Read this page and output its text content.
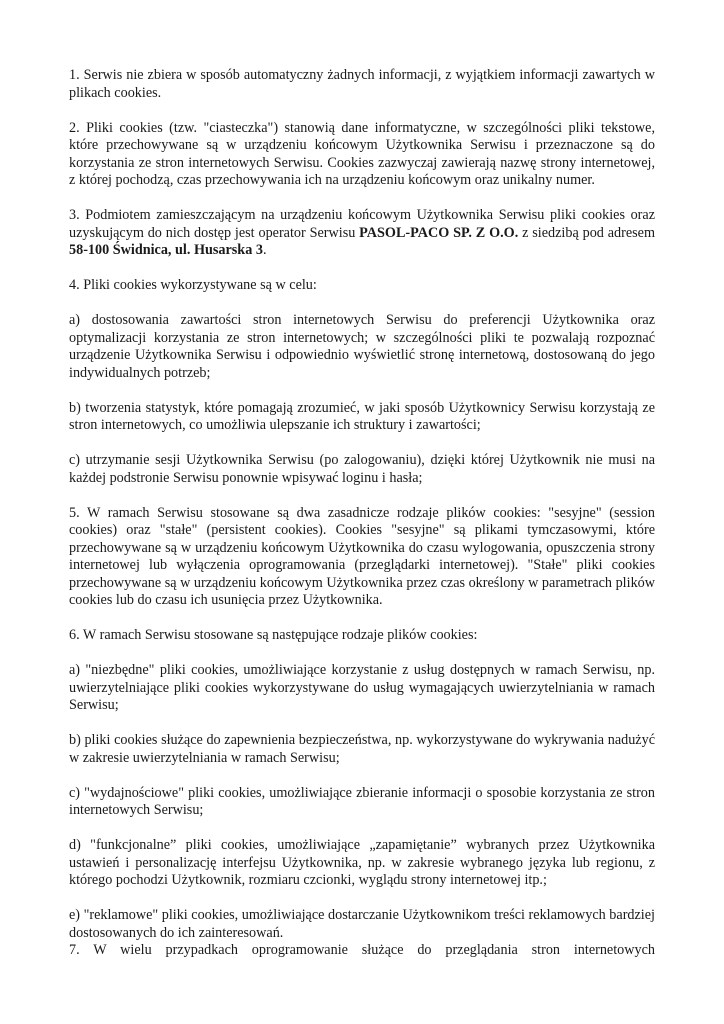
1. Serwis nie zbiera w sposób automatyczny żadnych informacji, z wyjątkiem informacji zawartych w plikach cookies.

2. Pliki cookies (tzw. "ciasteczka") stanowią dane informatyczne, w szczególności pliki tekstowe, które przechowywane są w urządzeniu końcowym Użytkownika Serwisu i przeznaczone są do korzystania ze stron internetowych Serwisu. Cookies zazwyczaj zawierają nazwę strony internetowej, z której pochodzą, czas przechowywania ich na urządzeniu końcowym oraz unikalny numer.

3. Podmiotem zamieszczającym na urządzeniu końcowym Użytkownika Serwisu pliki cookies oraz uzyskującym do nich dostęp jest operator Serwisu PASOL-PACO SP. Z O.O. z siedzibą pod adresem 58-100 Świdnica, ul. Husarska 3.

4. Pliki cookies wykorzystywane są w celu:

a) dostosowania zawartości stron internetowych Serwisu do preferencji Użytkownika oraz optymalizacji korzystania ze stron internetowych; w szczególności pliki te pozwalają rozpoznać urządzenie Użytkownika Serwisu i odpowiednio wyświetlić stronę internetową, dostosowaną do jego indywidualnych potrzeb;

b) tworzenia statystyk, które pomagają zrozumieć, w jaki sposób Użytkownicy Serwisu korzystają ze stron internetowych, co umożliwia ulepszanie ich struktury i zawartości;

c) utrzymanie sesji Użytkownika Serwisu (po zalogowaniu), dzięki której Użytkownik nie musi na każdej podstronie Serwisu ponownie wpisywać loginu i hasła;

5. W ramach Serwisu stosowane są dwa zasadnicze rodzaje plików cookies: "sesyjne" (session cookies) oraz "stałe" (persistent cookies). Cookies "sesyjne" są plikami tymczasowymi, które przechowywane są w urządzeniu końcowym Użytkownika do czasu wylogowania, opuszczenia strony internetowej lub wyłączenia oprogramowania (przeglądarki internetowej). "Stałe" pliki cookies przechowywane są w urządzeniu końcowym Użytkownika przez czas określony w parametrach plików cookies lub do czasu ich usunięcia przez Użytkownika.

6. W ramach Serwisu stosowane są następujące rodzaje plików cookies:

a) "niezbędne" pliki cookies, umożliwiające korzystanie z usług dostępnych w ramach Serwisu, np. uwierzytelniające pliki cookies wykorzystywane do usług wymagających uwierzytelniania w ramach Serwisu;

b) pliki cookies służące do zapewnienia bezpieczeństwa, np. wykorzystywane do wykrywania nadużyć w zakresie uwierzytelniania w ramach Serwisu;

c) "wydajnościowe" pliki cookies, umożliwiające zbieranie informacji o sposobie korzystania ze stron internetowych Serwisu;

d) "funkcjonalne” pliki cookies, umożliwiające „zapamiętanie” wybranych przez Użytkownika ustawień i personalizację interfejsu Użytkownika, np. w zakresie wybranego języka lub regionu, z którego pochodzi Użytkownik, rozmiaru czcionki, wyglądu strony internetowej itp.;

e) "reklamowe" pliki cookies, umożliwiające dostarczanie Użytkownikom treści reklamowych bardziej dostosowanych do ich zainteresowań.

7. W wielu przypadkach oprogramowanie służące do przeglądania stron internetowych
